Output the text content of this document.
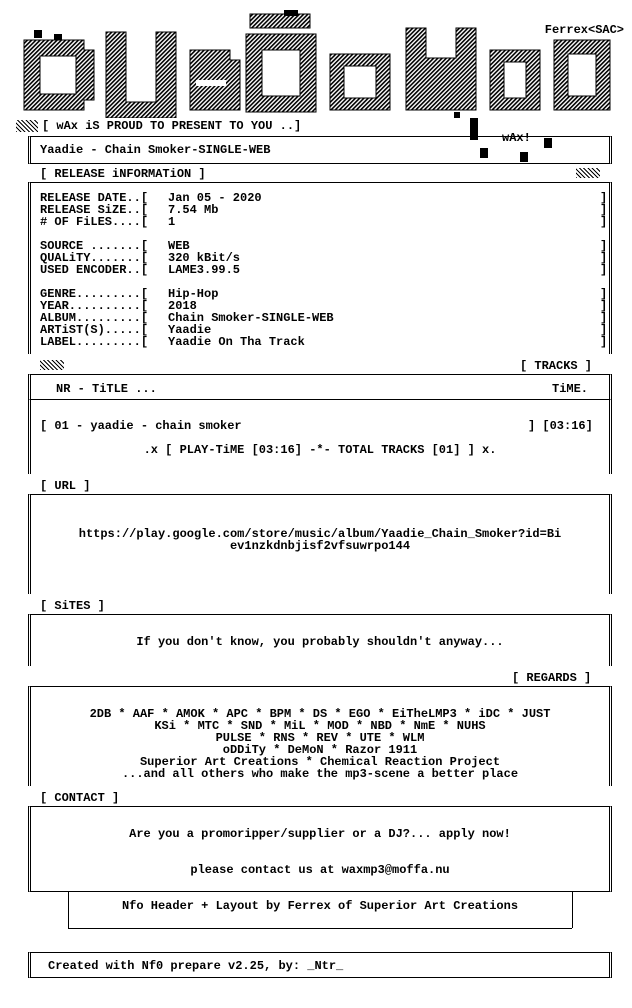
Ferrex<SAC>
[ wAx iS PROUD TO PRESENT TO YOU ..]
wAx!
Yaadie - Chain Smoker-SINGLE-WEB
[ RELEASE iNFORMATiON ]
RELEASE DATE..[ Jan 05 - 2020
RELEASE SiZE..[ 7.54 Mb
# OF FiLES....[ 1
SOURCE .......[ WEB
QUALiTY.......[ 320 kBit/s
USED ENCODER..[ LAME3.99.5
GENRE.........[ Hip-Hop
YEAR..........[ 2018
ALBUM.........[ Chain Smoker-SINGLE-WEB
ARTiST(S).....[ Yaadie
LABEL.........[ Yaadie On Tha Track
]
]
]
]
]
]
]
]
]
]
]
[ TRACKS ]
NR - TiTLE ...	TiME.
[ 01 - yaadie - chain smoker	] [03:16]
.x [ PLAY-TiME [03:16] -*- TOTAL TRACKS [01] ] x.
[ URL ]
https://play.google.com/store/music/album/Yaadie_Chain_Smoker?id=Bi
ev1nzkdnbjisf2vfsuwrpo144
[ SiTES ]
If you don't know, you probably shouldn't anyway...
[ REGARDS ]
2DB * AAF * AMOK * APC * BPM * DS * EGO * EiTheLMP3 * iDC * JUST
KSi * MTC * SND * MiL * MOD * NBD * NmE * NUHS
PULSE * RNS * REV * UTE * WLM
oDDiTy * DeMoN * Razor 1911
Superior Art Creations * Chemical Reaction Project
...and all others who make the mp3-scene a better place
[ CONTACT ]
Are you a promoripper/supplier or a DJ?... apply now!
please contact us at waxmp3@moffa.nu
Nfo Header + Layout by Ferrex of Superior Art Creations
Created with Nf0 prepare v2.25, by: _Ntr_
